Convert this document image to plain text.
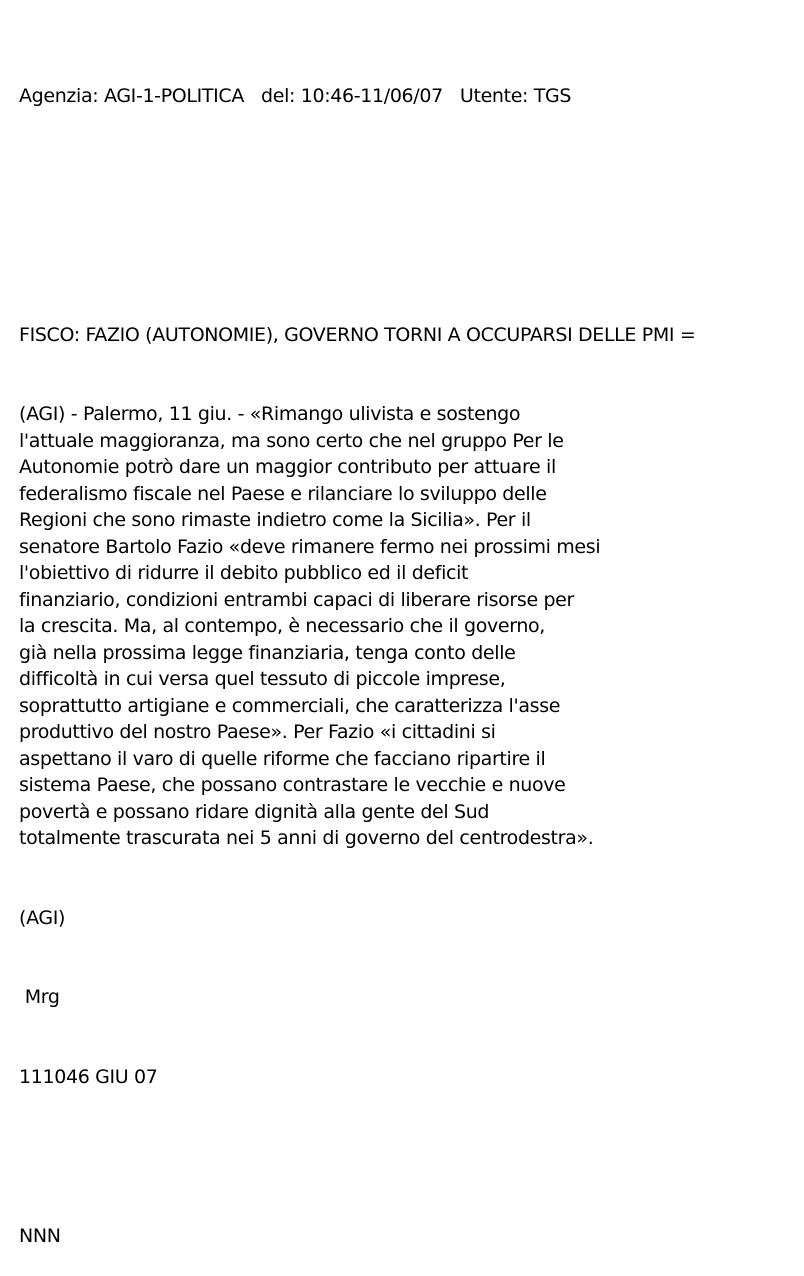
Agenzia: AGI-1-POLITICA del: 10:46-11/06/07 Utente: TGS

FISCO: FAZIO (AUTONOMIE), GOVERNO TORNI A OCCUPARSI DELLE PMI =

(AGI) - Palermo, 11 giu. - «Rimango ulivista e sostengo
l'attuale maggioranza, ma sono certo che nel gruppo Per le
Autonomie potrò dare un maggior contributo per attuare il
federalismo fiscale nel Paese e rilanciare lo sviluppo delle
Regioni che sono rimaste indietro come la Sicilia». Per il
senatore Bartolo Fazio «deve rimanere fermo nei prossimi mesi
l'obiettivo di ridurre il debito pubblico ed il deficit
finanziario, condizioni entrambi capaci di liberare risorse per
la crescita. Ma, al contempo, è necessario che il governo,
già nella prossima legge finanziaria, tenga conto delle
difficoltà in cui versa quel tessuto di piccole imprese,
soprattutto artigiane e commerciali, che caratterizza l'asse
produttivo del nostro Paese». Per Fazio «i cittadini si
aspettano il varo di quelle riforme che facciano ripartire il
sistema Paese, che possano contrastare le vecchie e nuove
povertà e possano ridare dignità alla gente del Sud
totalmente trascurata nei 5 anni di governo del centrodestra».

(AGI)

Mrg

111046 GIU 07

NNN
